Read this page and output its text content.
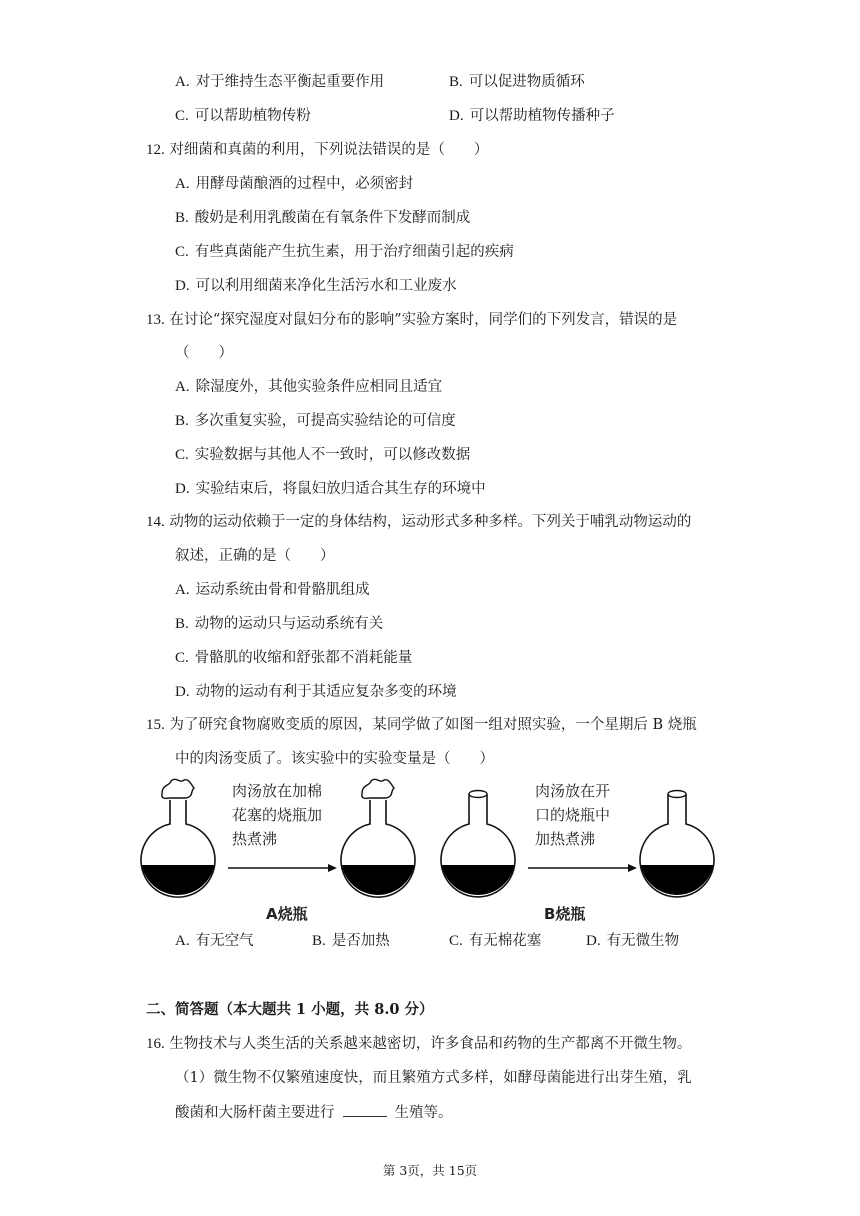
A. 对于维持生态平衡起重要作用	B. 可以促进物质循环
C. 可以帮助植物传粉	D. 可以帮助植物传播种子
12. 对细菌和真菌的利用，下列说法错误的是（　　）
A. 用酵母菌酿酒的过程中，必须密封
B. 酸奶是利用乳酸菌在有氧条件下发酵而制成
C. 有些真菌能产生抗生素，用于治疗细菌引起的疾病
D. 可以利用细菌来净化生活污水和工业废水
13. 在讨论“探究湿度对鼠妇分布的影响”实验方案时，同学们的下列发言，错误的是
（　　）
A. 除湿度外，其他实验条件应相同且适宜
B. 多次重复实验，可提高实验结论的可信度
C. 实验数据与其他人不一致时，可以修改数据
D. 实验结束后，将鼠妇放归适合其生存的环境中
14. 动物的运动依赖于一定的身体结构，运动形式多种多样。下列关于哺乳动物运动的
叙述，正确的是（　　）
A. 运动系统由骨和骨骼肌组成
B. 动物的运动只与运动系统有关
C. 骨骼肌的收缩和舒张都不消耗能量
D. 动物的运动有利于其适应复杂多变的环境
15. 为了研究食物腐败变质的原因，某同学做了如图一组对照实验，一个星期后 B 烧瓶
中的肉汤变质了。该实验中的实验变量是（　　）
肉汤放在加棉
花塞的烧瓶加
热煮沸
肉汤放在开
口的烧瓶中
加热煮沸
A烧瓶	B烧瓶
A. 有无空气	B. 是否加热	C. 有无棉花塞	D. 有无微生物
二、简答题（本大题共 1 小题，共 8.0 分）
16. 生物技术与人类生活的关系越来越密切，许多食品和药物的生产都离不开微生物。
（1）微生物不仅繁殖速度快，而且繁殖方式多样，如酵母菌能进行出芽生殖，乳
酸菌和大肠杆菌主要进行	生殖等。
第 3页，共 15页
